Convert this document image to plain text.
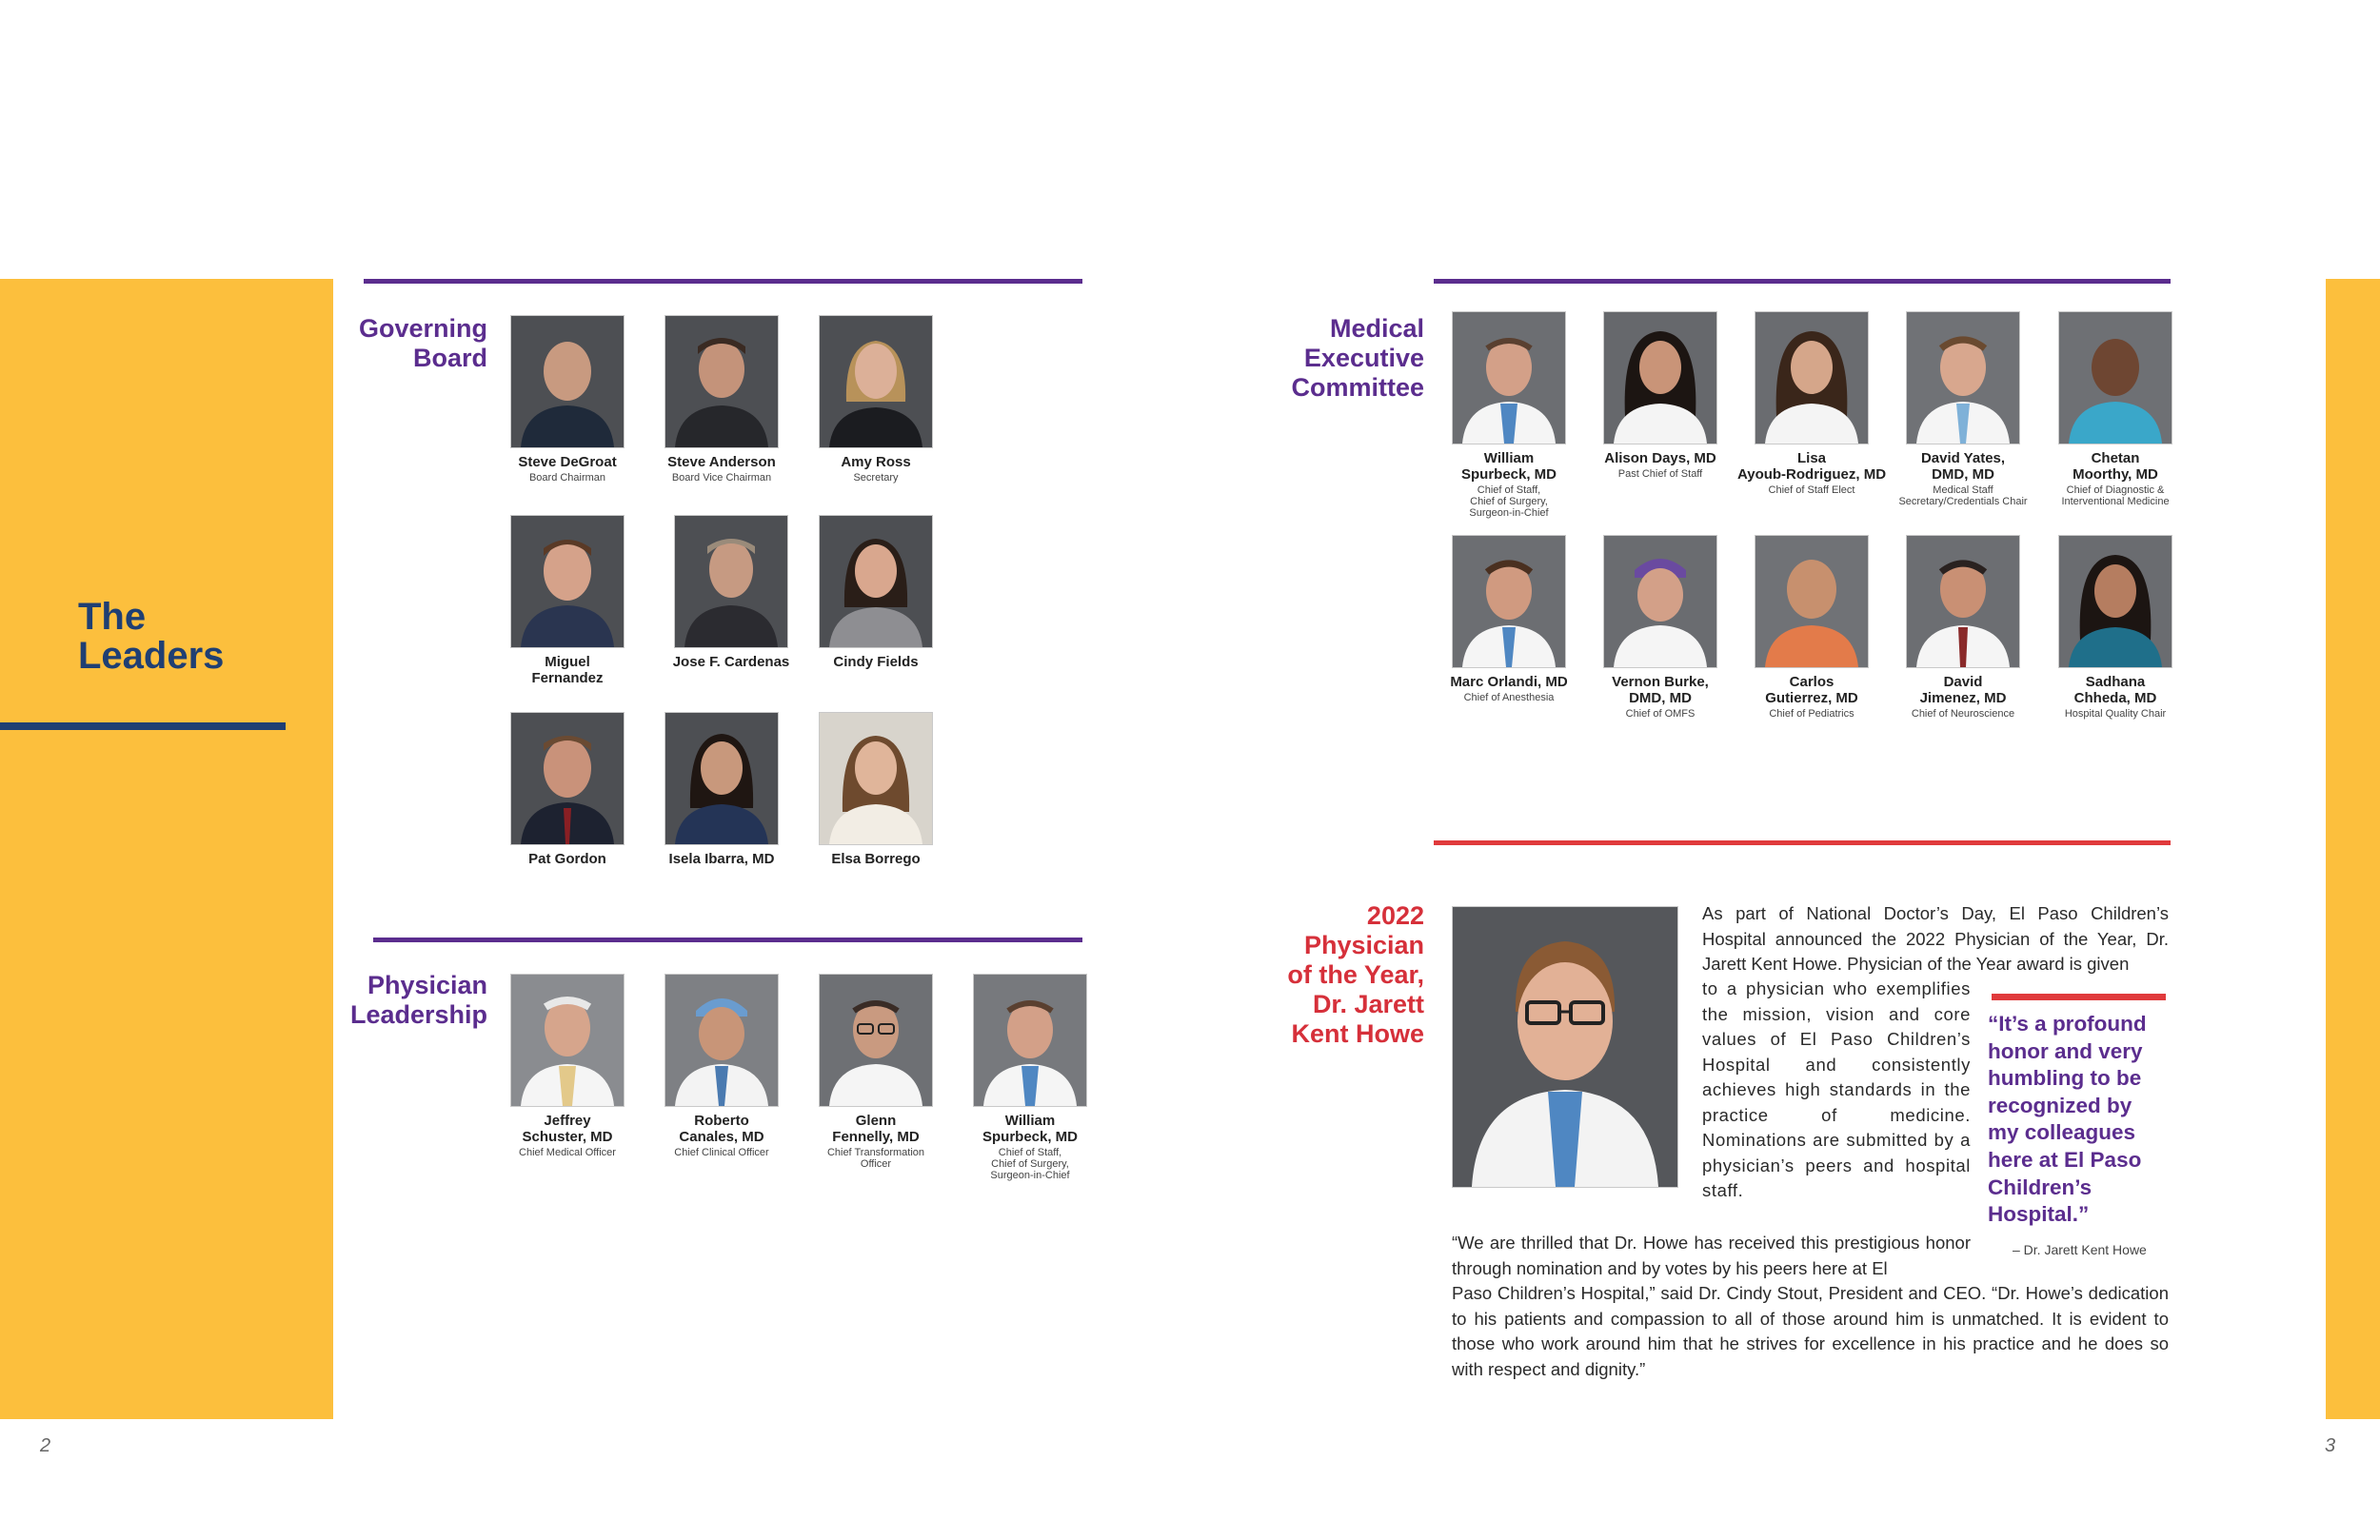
The
Leaders
2	3
Governing
Board
Physician
Leadership
Medical
Executive
Committee
2022
Physician
of the Year,
Dr. Jarett
Kent Howe
Steve DeGroat
Board Chairman
Steve Anderson
Board Vice Chairman
Amy Ross
Secretary
Miguel
Fernandez
Jose F. Cardenas	Cindy Fields
Pat Gordon	Isela Ibarra, MD	Elsa Borrego
Jeffrey
Schuster, MD
Chief Medical Officer
Roberto
Canales, MD
Chief Clinical Officer
Glenn
Fennelly, MD
Chief Transformation
Officer
William
Spurbeck, MD
Chief of Staff,
Chief of Surgery,
Surgeon-in-Chief
William
Spurbeck, MD
Chief of Staff,
Chief of Surgery,
Surgeon-in-Chief
Alison Days, MD
Past Chief of Staff
Lisa
Ayoub-Rodriguez, MD
Chief of Staff Elect
David Yates,
DMD, MD
Medical Staff
Secretary/Credentials Chair
Chetan
Moorthy, MD
Chief of Diagnostic &
Interventional Medicine
Marc Orlandi, MD
Chief of Anesthesia
Vernon Burke,
DMD, MD
Chief of OMFS
Carlos
Gutierrez, MD
Chief of Pediatrics
David
Jimenez, MD
Chief of Neuroscience
Sadhana
Chheda, MD
Hospital Quality Chair
As part of National Doctor’s Day, El Paso Children’s Hospital announced the 2022 Physician of the Year, Dr. Jarett Kent Howe. Physician of the Year award is given
to a physician who exemplifies the mission, vision and core values of El Paso Children’s Hospital and consistently achieves high standards in the practice of medicine. Nominations are submitted by a physician’s peers and hospital staff.
“We are thrilled that Dr. Howe has received this prestigious honor through nomination and by votes by his peers here at El
Paso Children’s Hospital,” said Dr. Cindy Stout, President and CEO. “Dr. Howe’s dedication to his patients and compassion to all of those around him is unmatched. It is evident to those who work around him that he strives for excellence in his practice and he does so with respect and dignity.”
“It’s a profound honor and very humbling to be recognized by my colleagues here at El Paso Children’s Hospital.”
– Dr. Jarett Kent Howe
